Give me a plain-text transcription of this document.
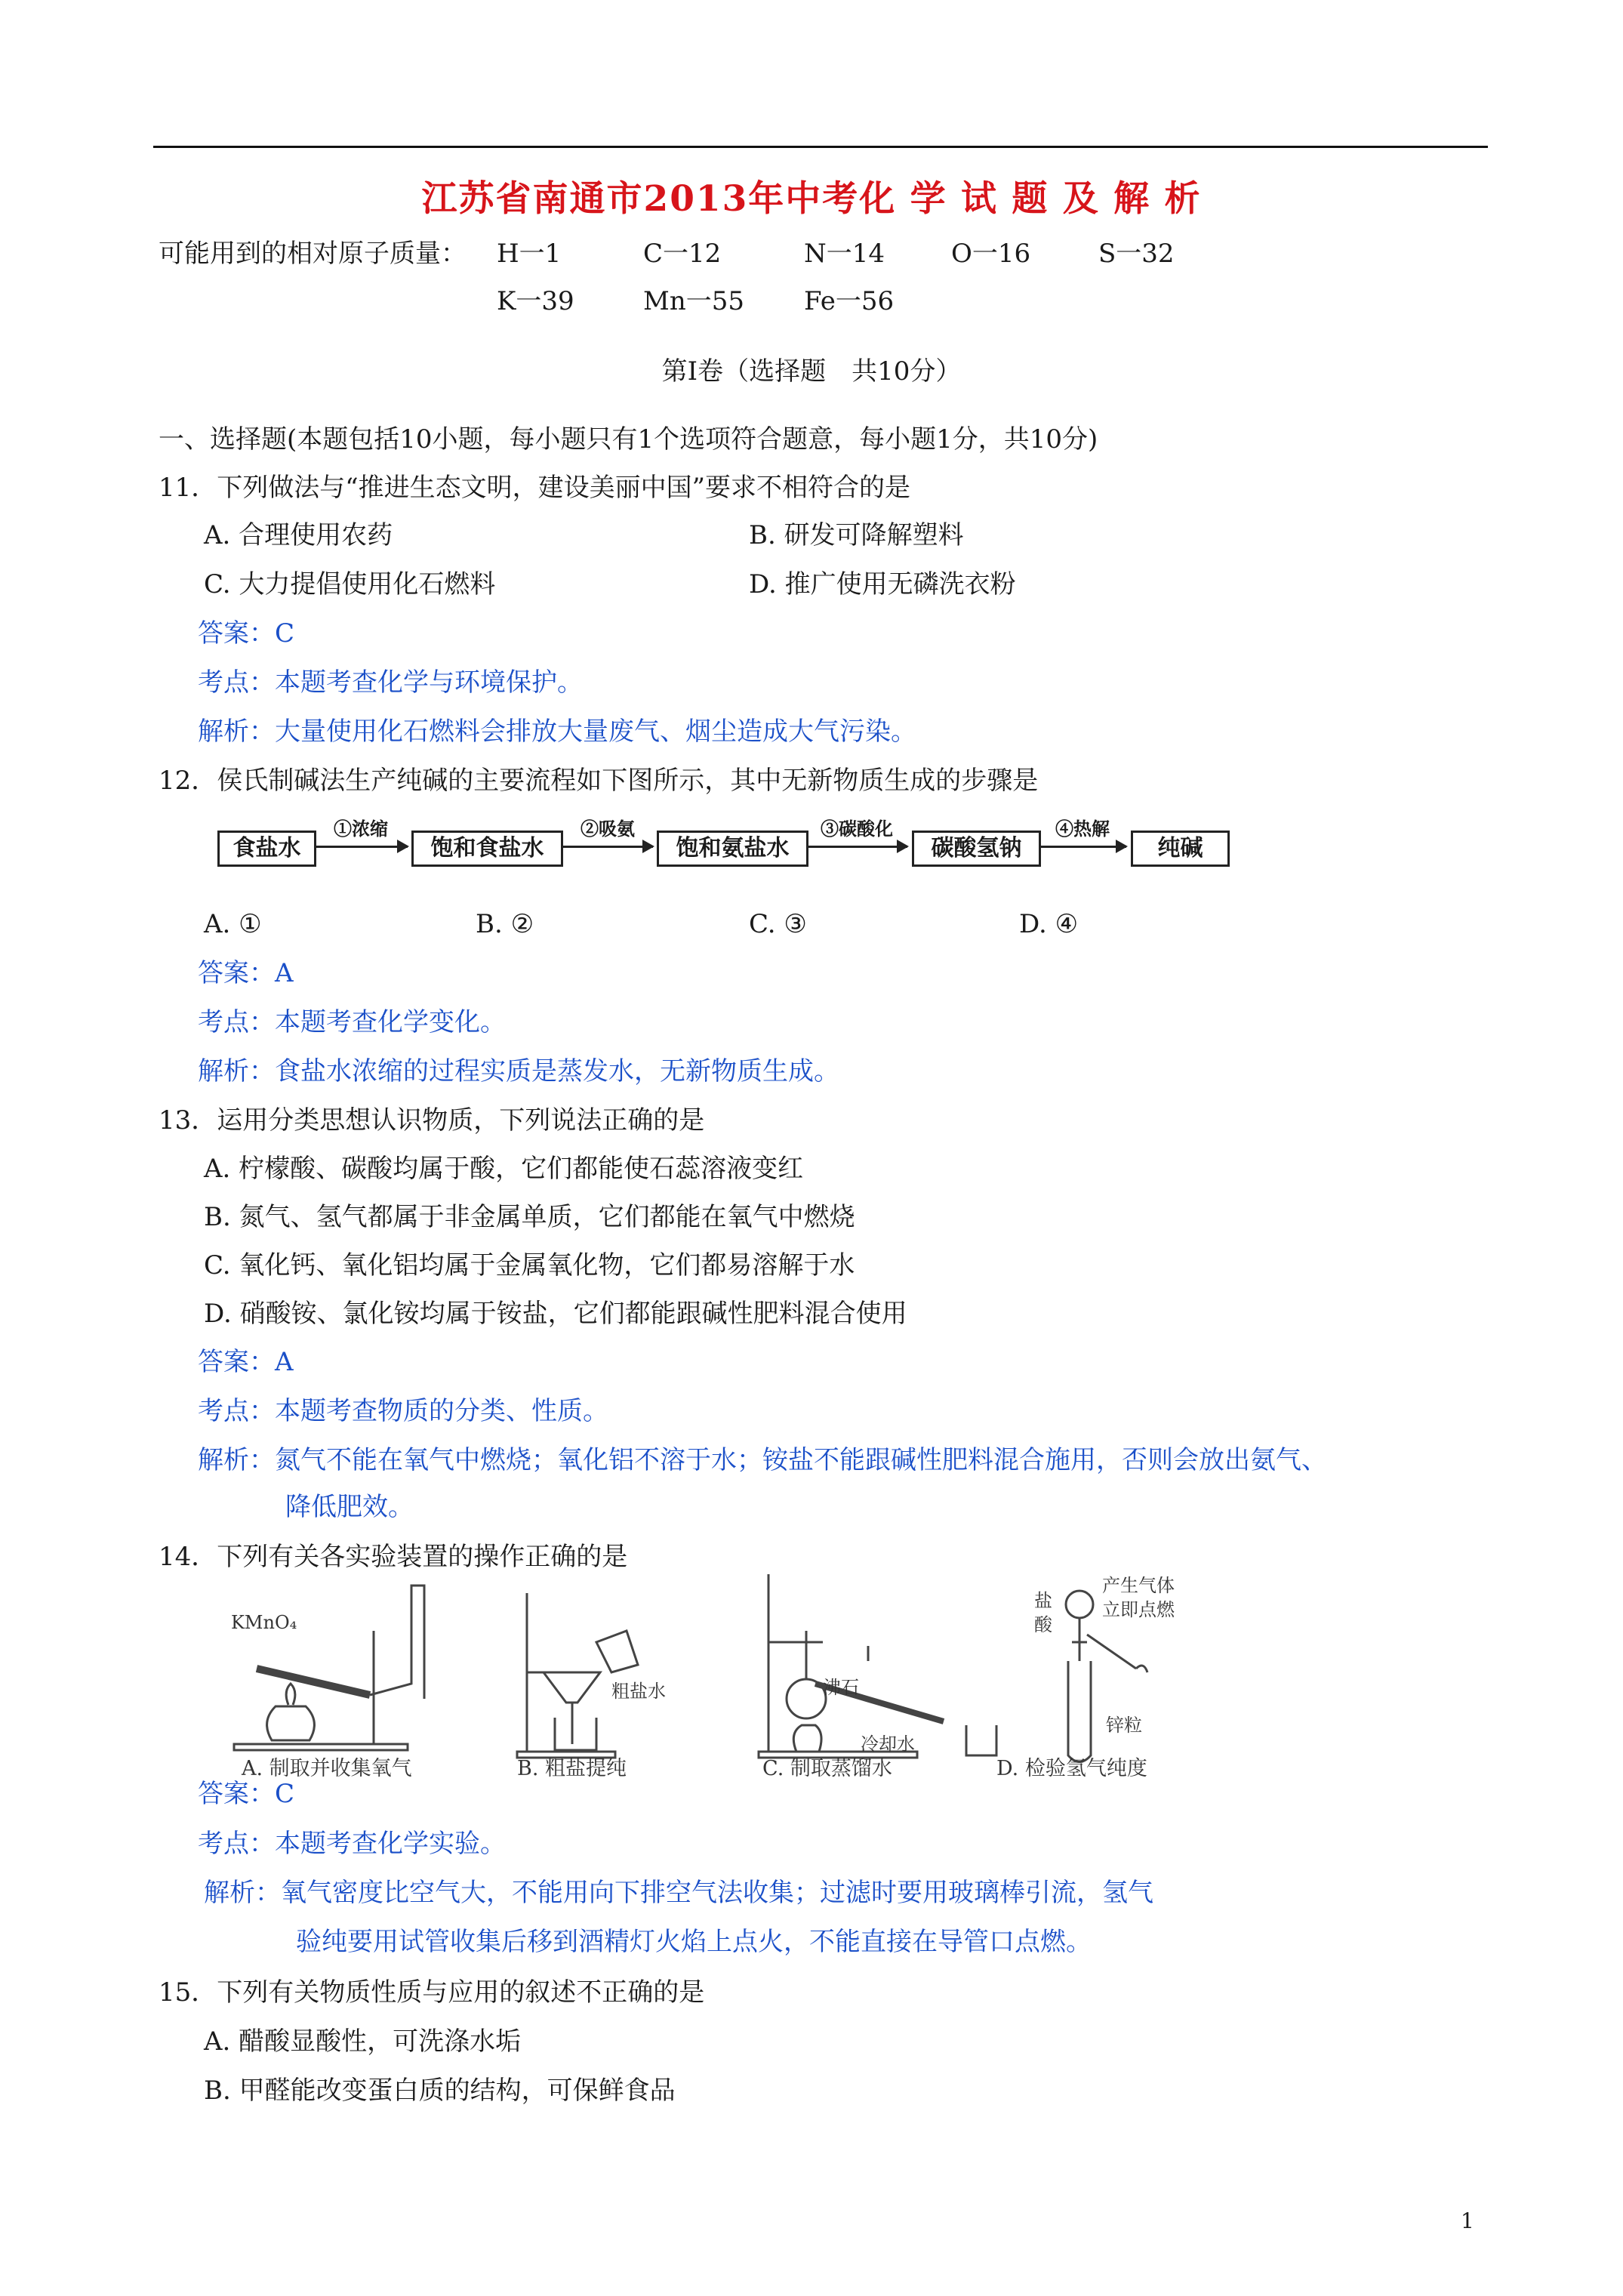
江苏省南通市2013年中考化 学 试 题 及 解 析
可能用到的相对原子质量： H一1	C一12	N一14	O一16	S一32
K一39	Mn一55 Fe一56
第Ⅰ卷（选择题　共10分）
一、选择题(本题包括10小题，每小题只有1个选项符合题意，每小题1分，共10分)
11．下列做法与“推进生态文明，建设美丽中国”要求不相符合的是
A. 合理使用农药	B. 研发可降解塑料
C. 大力提倡使用化石燃料	D. 推广使用无磷洗衣粉
答案：C
考点：本题考查化学与环境保护。
解析：大量使用化石燃料会排放大量废气、烟尘造成大气污染。
12．侯氏制碱法生产纯碱的主要流程如下图所示，其中无新物质生成的步骤是
食盐水
①浓缩
饱和食盐水
②吸氨
饱和氨盐水
③碳酸化
碳酸氢钠
④热解
纯碱
A. ①	B. ②	C. ③	D. ④
答案：A
考点：本题考查化学变化。
解析：食盐水浓缩的过程实质是蒸发水，无新物质生成。
13．运用分类思想认识物质，下列说法正确的是
A. 柠檬酸、碳酸均属于酸，它们都能使石蕊溶液变红
B. 氮气、氢气都属于非金属单质，它们都能在氧气中燃烧
C. 氧化钙、氧化铝均属于金属氧化物，它们都易溶解于水
D. 硝酸铵、氯化铵均属于铵盐，它们都能跟碱性肥料混合使用
答案：A
考点：本题考查物质的分类、性质。
解析：氮气不能在氧气中燃烧；氧化铝不溶于水；铵盐不能跟碱性肥料混合施用，否则会放出氨气、
降低肥效。
14．下列有关各实验装置的操作正确的是
KMnO₄
粗盐水	沸石
冷却水
盐
酸
产生气体
立即点燃
锌粒
A. 制取并收集氧气	B. 粗盐提纯	C. 制取蒸馏水	D. 检验氢气纯度
答案：C
考点：本题考查化学实验。
解析：氧气密度比空气大，不能用向下排空气法收集；过滤时要用玻璃棒引流，氢气
验纯要用试管收集后移到酒精灯火焰上点火，不能直接在导管口点燃。
15．下列有关物质性质与应用的叙述不正确的是
A. 醋酸显酸性，可洗涤水垢
B. 甲醛能改变蛋白质的结构，可保鲜食品
1
